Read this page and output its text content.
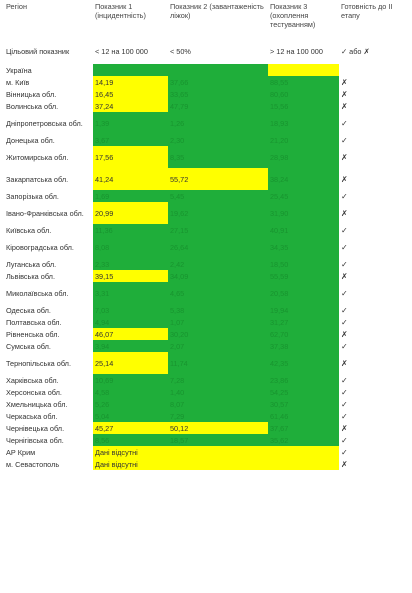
Регіон	Показник 1 (інцидентність)	Показник 2 (завантаженість ліжок)	Показник 3 (охоплення тестуванням)	Готовність до II етапу
Цільовий показник	< 12 на 100 000	< 50%	> 12 на 100 000	✓ або ✗
Україна				
м. Київ	14,19	37,66	88,55	✗
Вінницька обл.	16,45	33,65	80,60	✗
Волинська обл.	37,24	47,79	15,56	✗
Дніпропетровська обл.	1,39	1,26	18,93	✓
Донецька обл.	3,67	2,30	21,20	✓
Житомирська обл.	17,56	8,35	28,98	✗
Закарпатська обл.	41,24	55,72	38,24	✗
Запорізька обл.	1,69	5,45	25,45	✓
Івано-Франківська обл.	20,99	19,62	31,90	✗
Київська обл.	11,36	27,15	40,91	✓
Кіровоградська обл.	8,08	26,64	34,35	✓
Луганська обл.	2,33	2,42	18,50	✓
Львівська обл.	39,15	34,09	55,59	✗
Миколаївська обл.	3,31	4,65	20,58	✓
Одеська обл.	7,03	5,38	19,94	✓
Полтавська обл.	4,94	1,07	31,27	✓
Рівненська обл.	46,07	30,20	62,70	✗
Сумська обл.	3,94	2,07	37,38	✓
Тернопільська обл.	25,14	11,74	42,35	✗
Харківська обл.	10,69	7,28	23,86	✓
Херсонська обл.	4,58	1,40	54,25	✓
Хмельницька обл.	5,26	8,07	30,57	✓
Черкаська обл.	5,04	7,29	61,46	✓
Чернівецька обл.	45,27	50,12	37,67	✗
Чернігівська обл.	8,56	18,57	35,62	✓
АР Крим	Дані відсутні			✓
м. Севастополь	Дані відсутні			✗
